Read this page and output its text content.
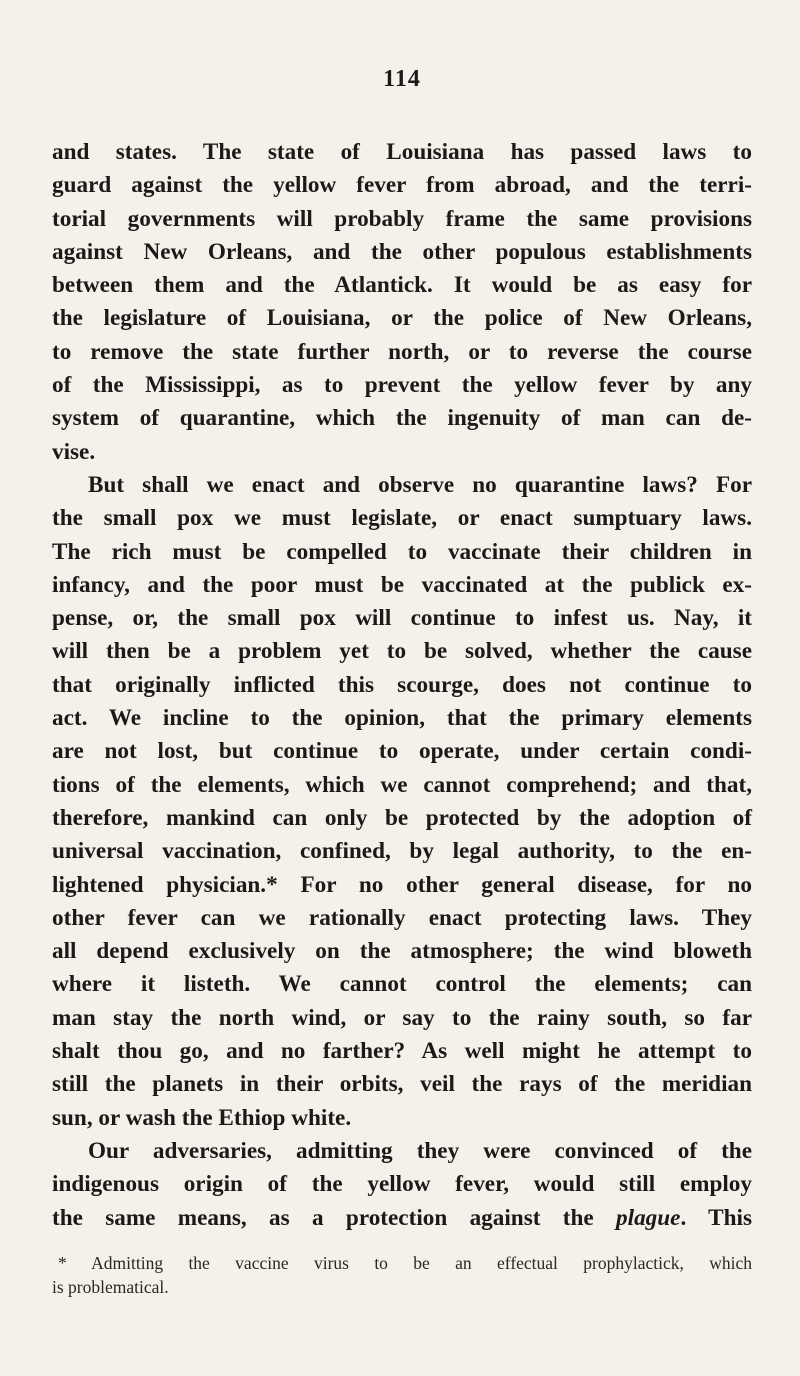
114
and states. The state of Louisiana has passed laws to
guard against the yellow fever from abroad, and the terri-
torial governments will probably frame the same provisions
against New Orleans, and the other populous establishments
between them and the Atlantick. It would be as easy for
the legislature of Louisiana, or the police of New Orleans,
to remove the state further north, or to reverse the course
of the Mississippi, as to prevent the yellow fever by any
system of quarantine, which the ingenuity of man can de-
vise.
But shall we enact and observe no quarantine laws? For
the small pox we must legislate, or enact sumptuary laws.
The rich must be compelled to vaccinate their children in
infancy, and the poor must be vaccinated at the publick ex-
pense, or, the small pox will continue to infest us. Nay, it
will then be a problem yet to be solved, whether the cause
that originally inflicted this scourge, does not continue to
act. We incline to the opinion, that the primary elements
are not lost, but continue to operate, under certain condi-
tions of the elements, which we cannot comprehend; and that,
therefore, mankind can only be protected by the adoption of
universal vaccination, confined, by legal authority, to the en-
lightened physician.* For no other general disease, for no
other fever can we rationally enact protecting laws. They
all depend exclusively on the atmosphere; the wind bloweth
where it listeth. We cannot control the elements; can
man stay the north wind, or say to the rainy south, so far
shalt thou go, and no farther? As well might he attempt to
still the planets in their orbits, veil the rays of the meridian
sun, or wash the Ethiop white.
Our adversaries, admitting they were convinced of the
indigenous origin of the yellow fever, would still employ
the same means, as a protection against the plague. This
* Admitting the vaccine virus to be an effectual prophylactick, which
is problematical.
